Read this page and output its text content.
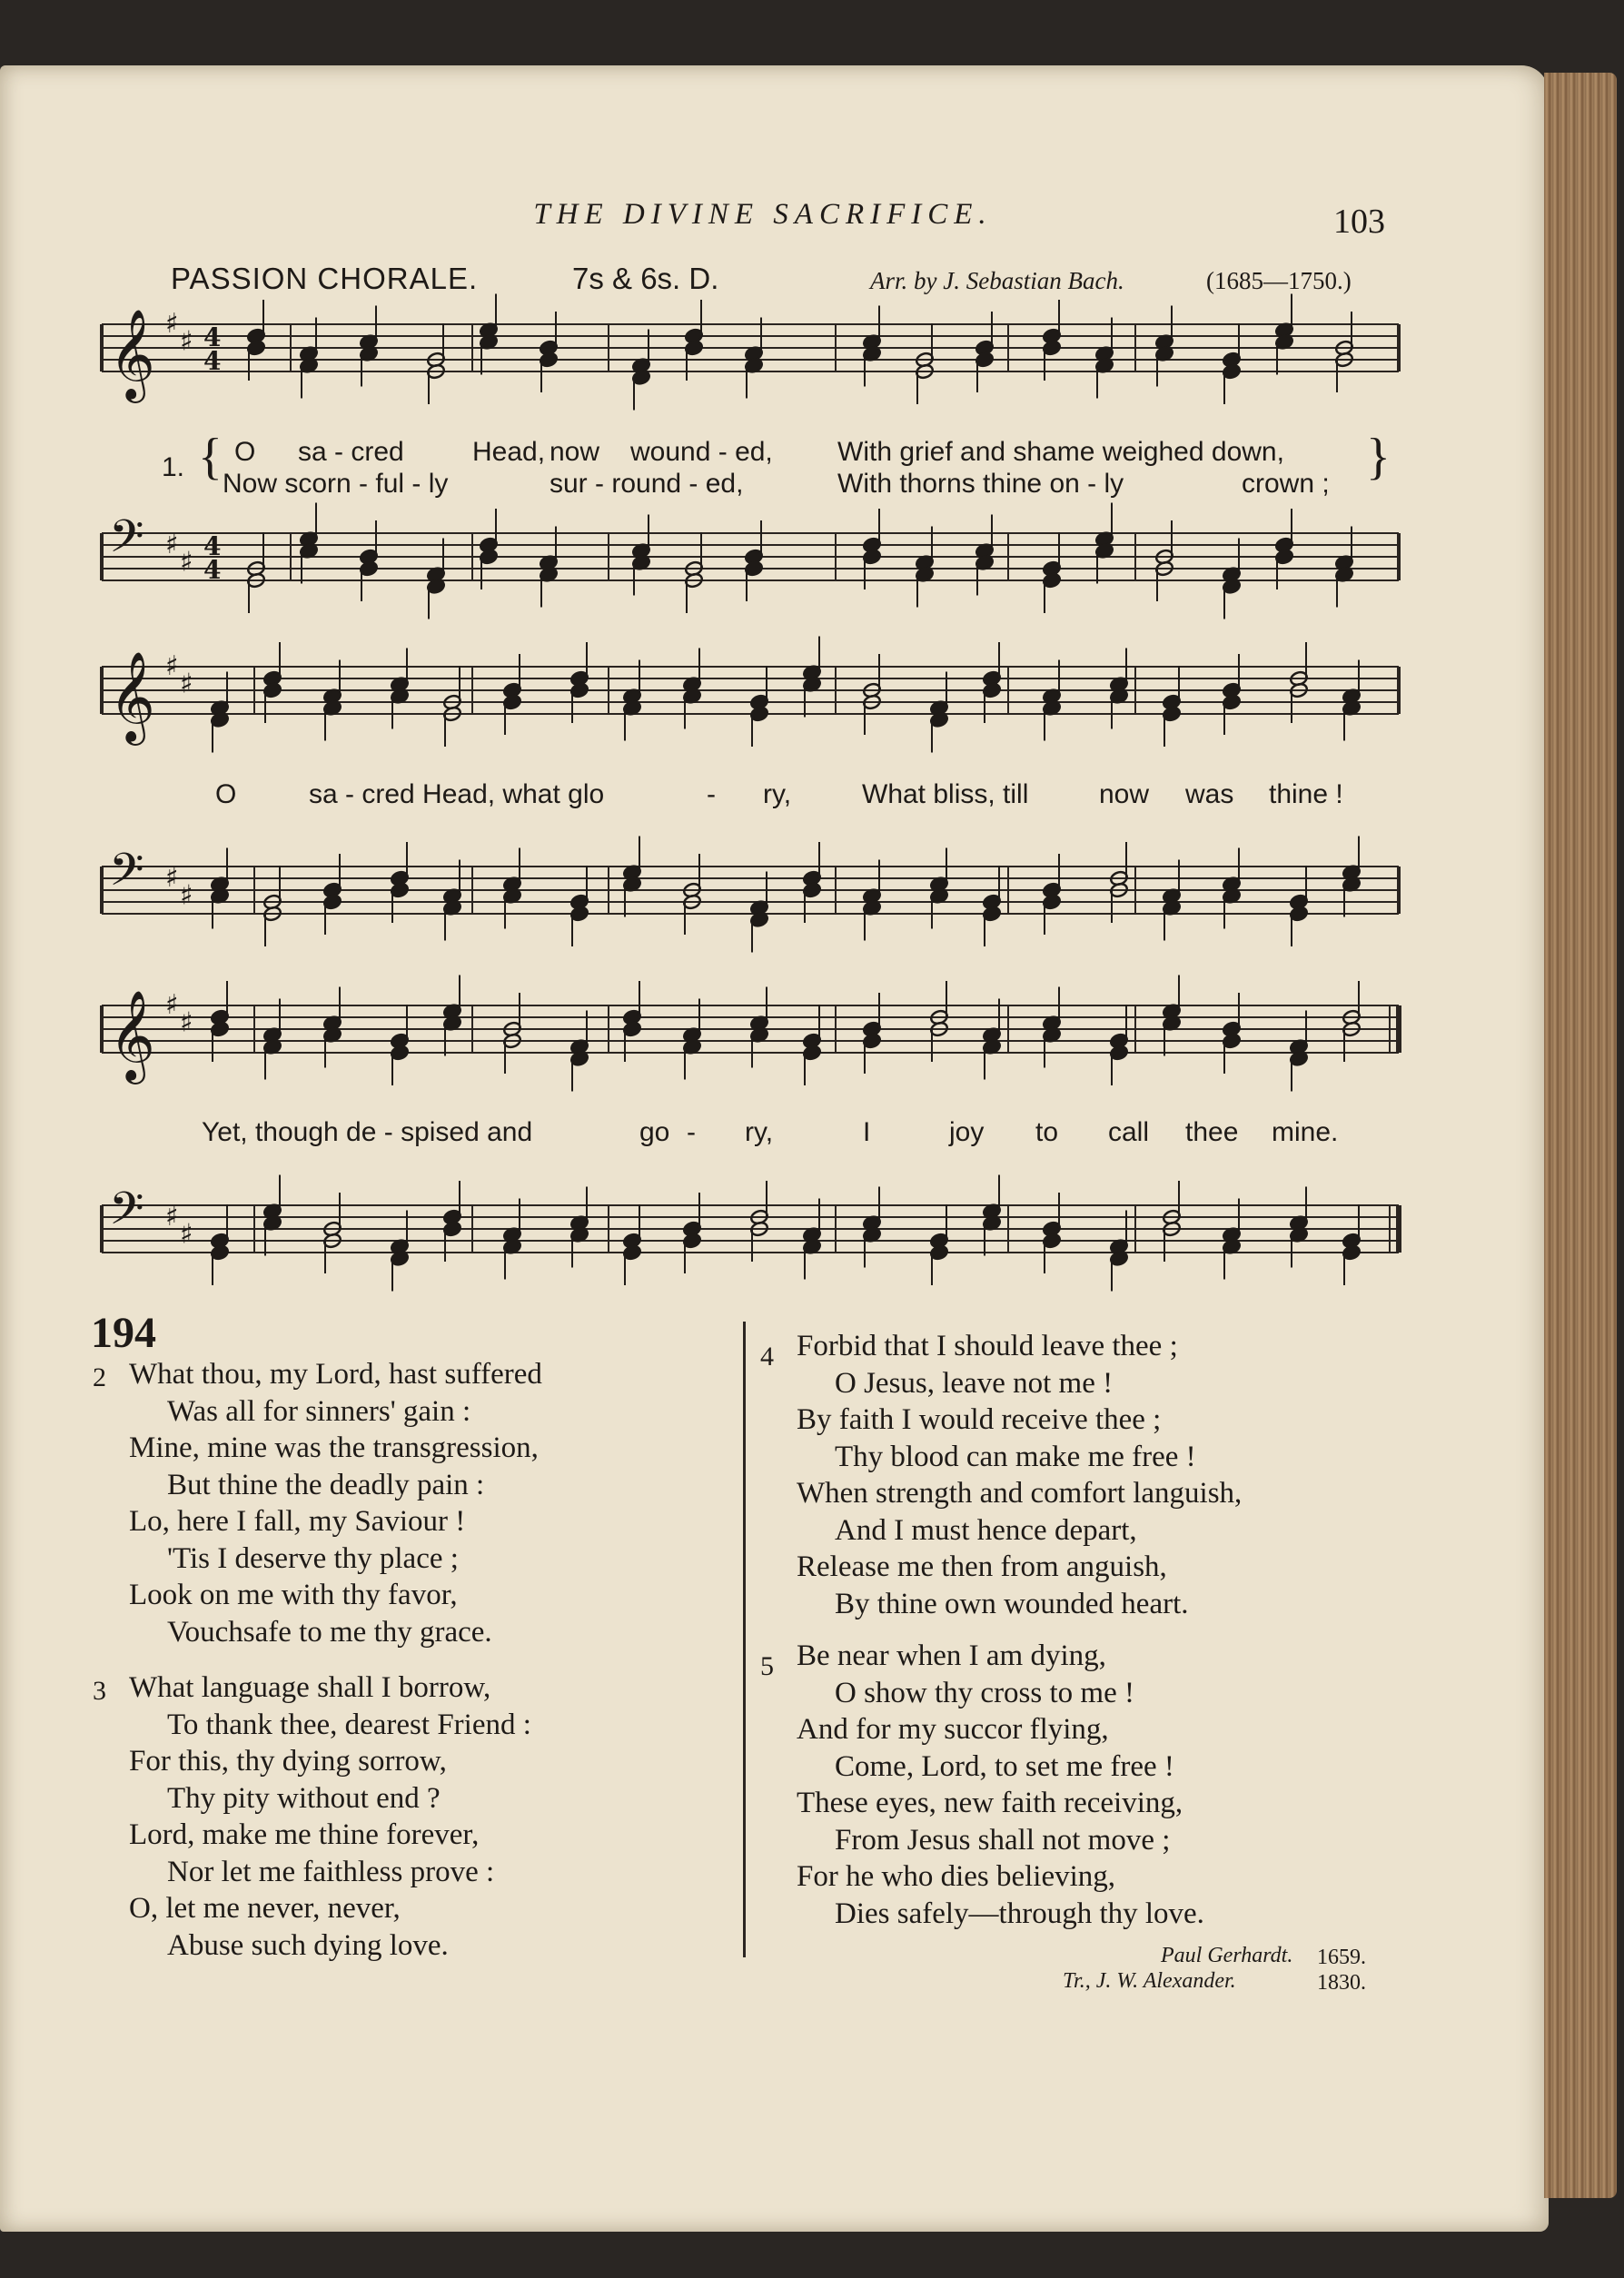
THE DIVINE SACRIFICE.	103
PASSION CHORALE.	7s & 6s. D.	Arr. by J. Sebastian Bach.	(1685—1750.)
𝄞 ♯
♯ 4
4
1. {	}
O sa - cred	Head, now wound - ed, With grief and shame weighed down,
Now scorn - ful - ly	sur - round - ed,	With thorns thine on - ly	crown ;
𝄢 ♯
♯ 4
4
𝄞 ♯
♯
O	sa - cred Head, what glo	- ry,	What bliss, till	now was thine !
𝄢 ♯
♯
𝄞 ♯
♯
Yet, though de - spised and	go - ry,	I	joy to call thee mine.
𝄢 ♯
♯
194
2 What thou, my Lord, hast suffered
Was all for sinners' gain :
Mine, mine was the transgression,
But thine the deadly pain :
Lo, here I fall, my Saviour !
'Tis I deserve thy place ;
Look on me with thy favor,
Vouchsafe to me thy grace.
3 What language shall I borrow,
To thank thee, dearest Friend :
For this, thy dying sorrow,
Thy pity without end ?
Lord, make me thine forever,
Nor let me faithless prove :
O, let me never, never,
Abuse such dying love.
4 Forbid that I should leave thee ;
O Jesus, leave not me !
By faith I would receive thee ;
Thy blood can make me free !
When strength and comfort languish,
And I must hence depart,
Release me then from anguish,
By thine own wounded heart.
5 Be near when I am dying,
O show thy cross to me !
And for my succor flying,
Come, Lord, to set me free !
These eyes, new faith receiving,
From Jesus shall not move ;
For he who dies believing,
Dies safely—through thy love.
Paul Gerhardt. 1659.
Tr., J. W. Alexander.	1830.
